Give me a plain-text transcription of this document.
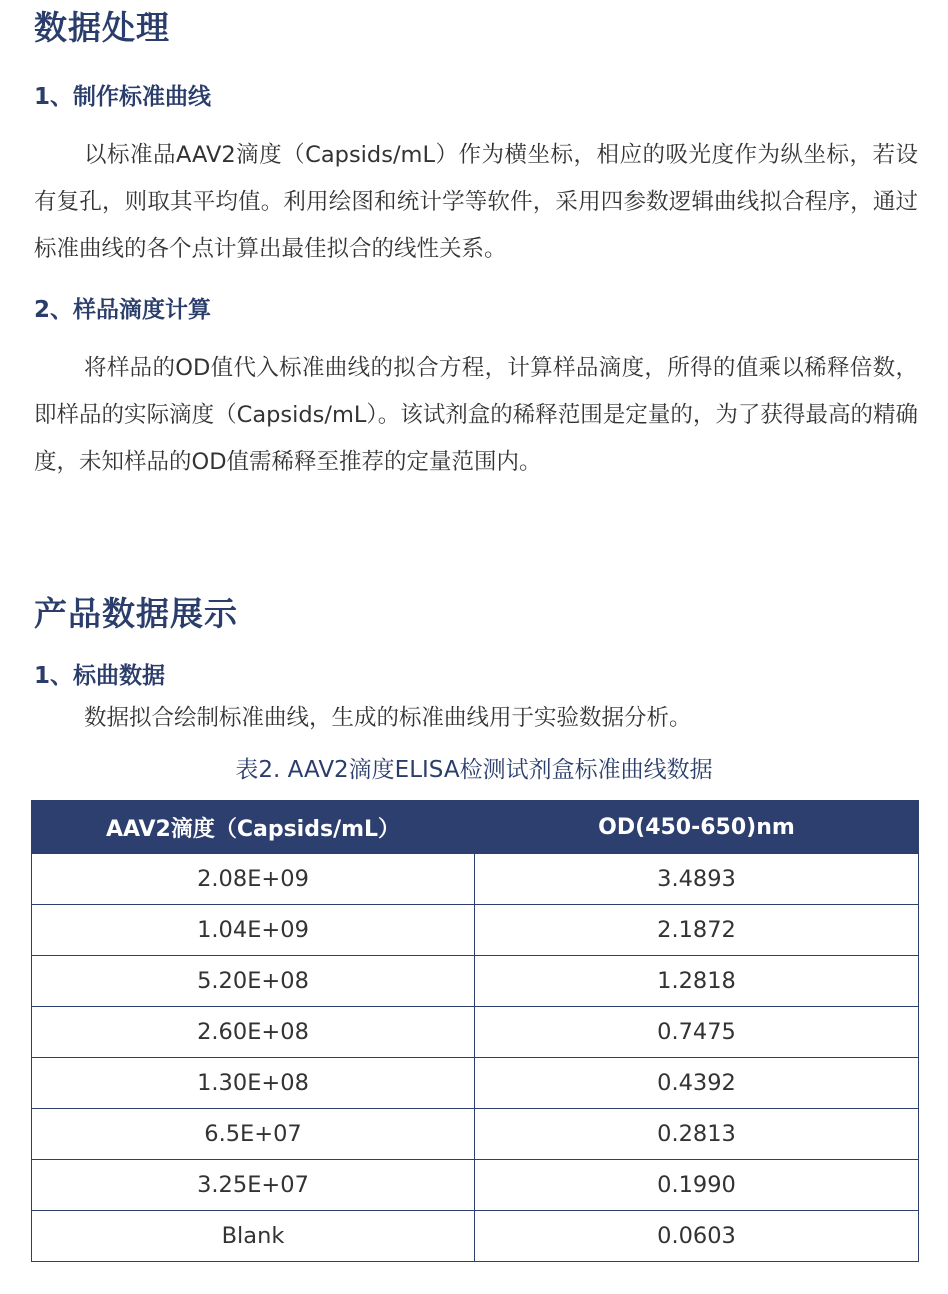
数据处理
1、制作标准曲线

以标准品AAV2滴度（Capsids/mL）作为横坐标，相应的吸光度作为纵坐标，若设有复孔，则取其平均值。利用绘图和统计学等软件，采用四参数逻辑曲线拟合程序，通过标准曲线的各个点计算出最佳拟合的线性关系。

2、样品滴度计算

将样品的OD值代入标准曲线的拟合方程，计算样品滴度，所得的值乘以稀释倍数，即样品的实际滴度（Capsids/mL）。该试剂盒的稀释范围是定量的，为了获得最高的精确度，未知样品的OD值需稀释至推荐的定量范围内。

产品数据展示
1、标曲数据

数据拟合绘制标准曲线，生成的标准曲线用于实验数据分析。

表2. AAV2滴度ELISA检测试剂盒标准曲线数据

AAV2滴度（Capsids/mL）	OD(450-650)nm
2.08E+09	3.4893
1.04E+09	2.1872
5.20E+08	1.2818
2.60E+08	0.7475
1.30E+08	0.4392
6.5E+07	0.2813
3.25E+07	0.1990
Blank	0.0603
